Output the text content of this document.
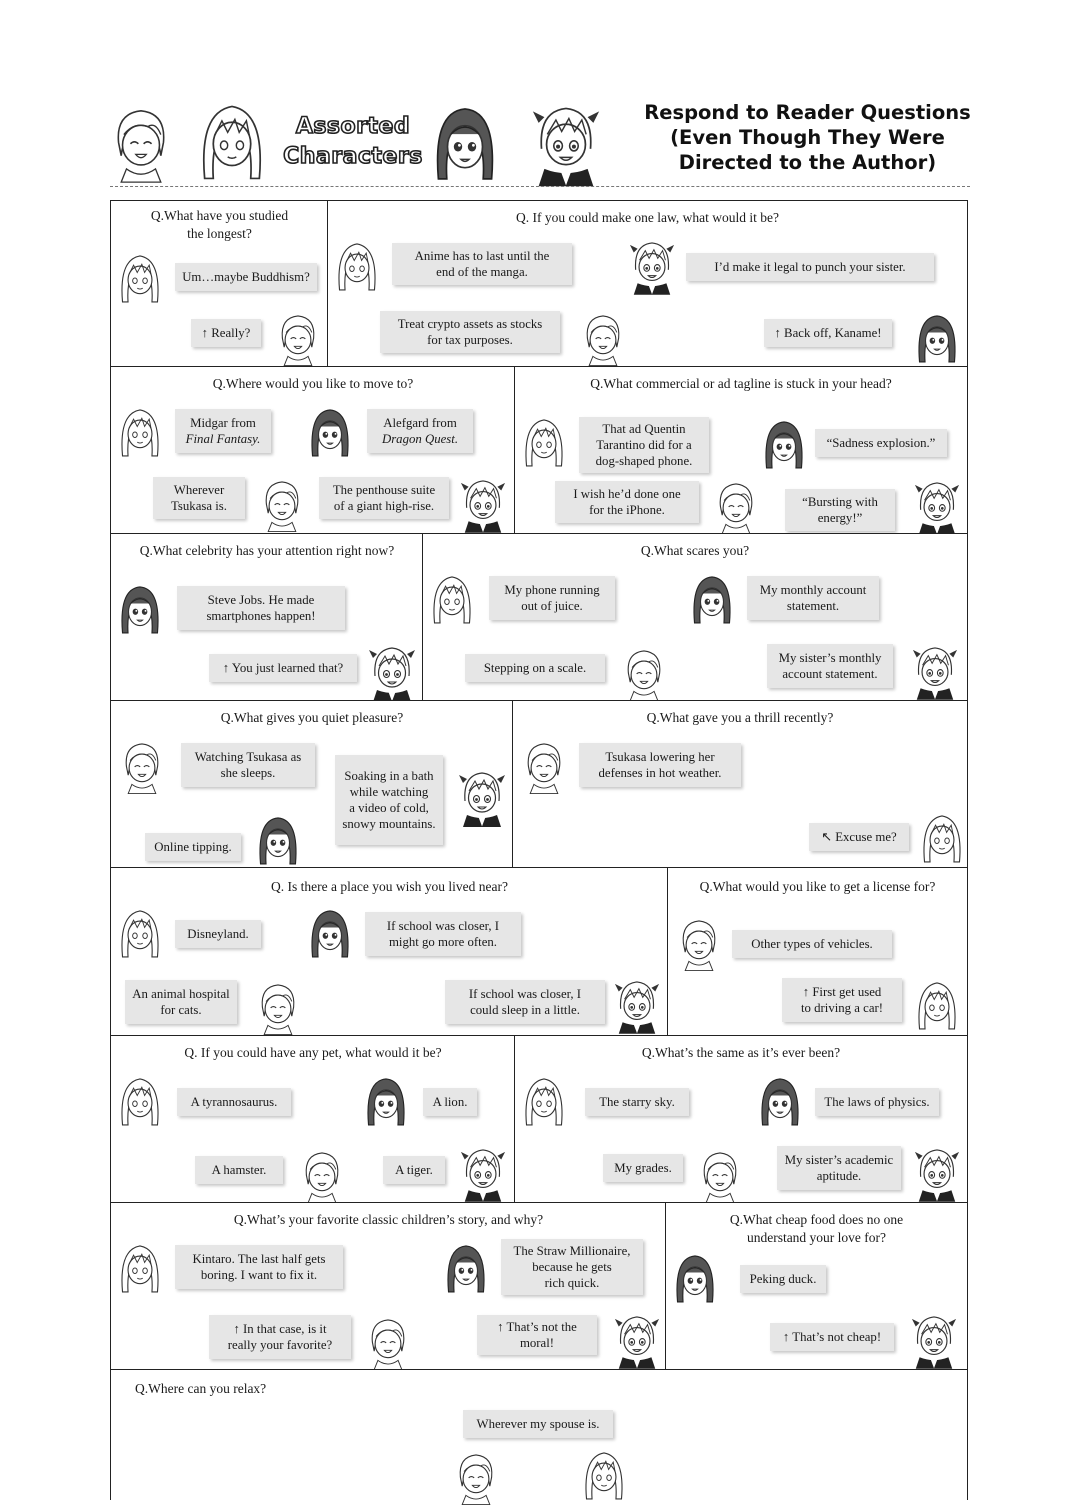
Assorted
Characters
Respond to Reader Questions
(Even Though They Were
Directed to the Author)
Q.What have you studied
the longest?
Um…maybe Buddhism?
↑ Really?
Q. If you could make one law, what would it be?
Anime has to last until the
end of the manga.	I’d make it legal to punch your sister.
Treat crypto assets as stocks
for tax purposes.	↑ Back off, Kaname!
Q.Where would you like to move to?
Midgar from
Final Fantasy.
Alefgard from
Dragon Quest.
Wherever
Tsukasa is.
The penthouse suite
of a giant high-rise.
Q.What commercial or ad tagline is stuck in your head?
That ad Quentin
Tarantino did for a
dog-shaped phone.
“Sadness explosion.”
I wish he’d done one
for the iPhone.
“Bursting with
energy!”
Q.What celebrity has your attention right now?
Steve Jobs. He made
smartphones happen!
↑ You just learned that?
Q.What scares you?
My phone running
out of juice.
My monthly account
statement.
Stepping on a scale.
My sister’s monthly
account statement.
Q.What gives you quiet pleasure?
Watching Tsukasa as
she sleeps.	Soaking in a bath
while watching
a video of cold,
snowy mountains.
Online tipping.
Q.What gave you a thrill recently?
Tsukasa lowering her
defenses in hot weather.
↖ Excuse me?
Q. Is there a place you wish you lived near?
Disneyland.
If school was closer, I
might go more often.
An animal hospital
for cats.
If school was closer, I
could sleep in a little.
Q.What would you like to get a license for?
Other types of vehicles.
↑ First get used
to driving a car!
Q. If you could have any pet, what would it be?
A tyrannosaurus.	A lion.
A hamster.	A tiger.
Q.What’s the same as it’s ever been?
The starry sky.	The laws of physics.
My grades.
My sister’s academic
aptitude.
Q.What’s your favorite classic children’s story, and why?
Kintaro. The last half gets
boring. I want to fix it.
The Straw Millionaire,
because he gets
rich quick.
↑ In that case, is it
really your favorite?
↑ That’s not the
moral!
Q.What cheap food does no one
understand your love for?
Peking duck.
↑ That’s not cheap!
Q.Where can you relax?
Wherever my spouse is.
